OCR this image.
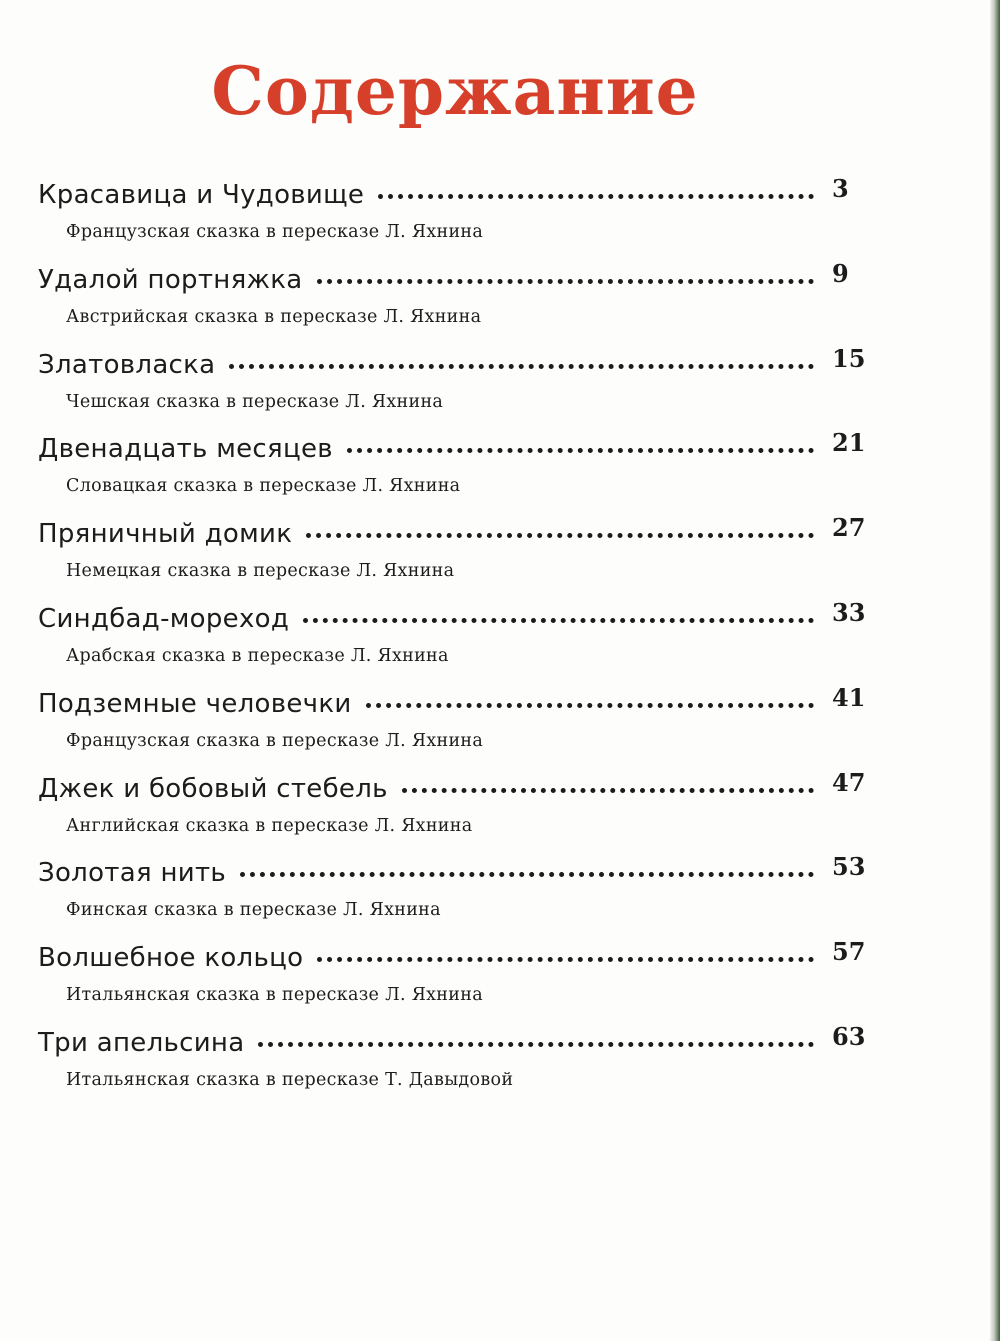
Содержание
Красавица и Чудовище	3
Французская сказка в пересказе Л. Яхнина
Удалой портняжка	9
Австрийская сказка в пересказе Л. Яхнина
Златовласка	15
Чешская сказка в пересказе Л. Яхнина
Двенадцать месяцев	21
Словацкая сказка в пересказе Л. Яхнина
Пряничный домик	27
Немецкая сказка в пересказе Л. Яхнина
Синдбад-мореход	33
Арабская сказка в пересказе Л. Яхнина
Подземные человечки	41
Французская сказка в пересказе Л. Яхнина
Джек и бобовый стебель	47
Английская сказка в пересказе Л. Яхнина
Золотая нить	53
Финская сказка в пересказе Л. Яхнина
Волшебное кольцо	57
Итальянская сказка в пересказе Л. Яхнина
Три апельсина	63
Итальянская сказка в пересказе Т. Давыдовой
